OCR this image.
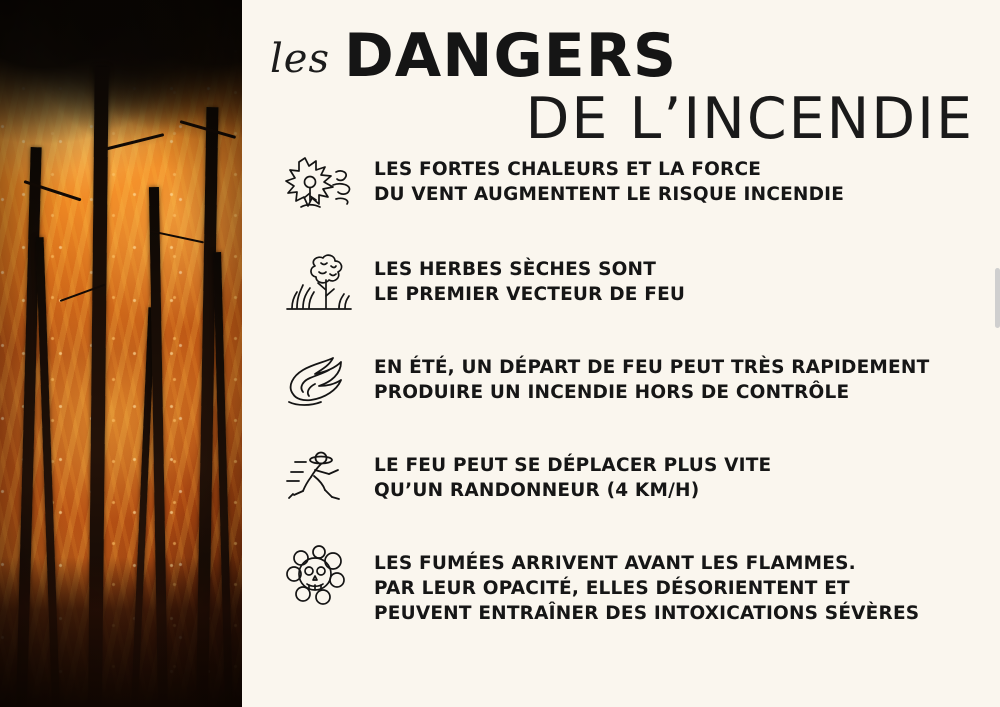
les DANGERS
DE L’INCENDIE
LES FORTES CHALEURS ET LA FORCE
DU VENT AUGMENTENT LE RISQUE INCENDIE
LES HERBES SÈCHES SONT
LE PREMIER VECTEUR DE FEU
EN ÉTÉ, UN DÉPART DE FEU PEUT TRÈS RAPIDEMENT
PRODUIRE UN INCENDIE HORS DE CONTRÔLE
LE FEU PEUT SE DÉPLACER PLUS VITE
QU’UN RANDONNEUR (4 KM/H)
LES FUMÉES ARRIVENT AVANT LES FLAMMES.
PAR LEUR OPACITÉ, ELLES DÉSORIENTENT ET
PEUVENT ENTRAÎNER DES INTOXICATIONS SÉVÈRES
